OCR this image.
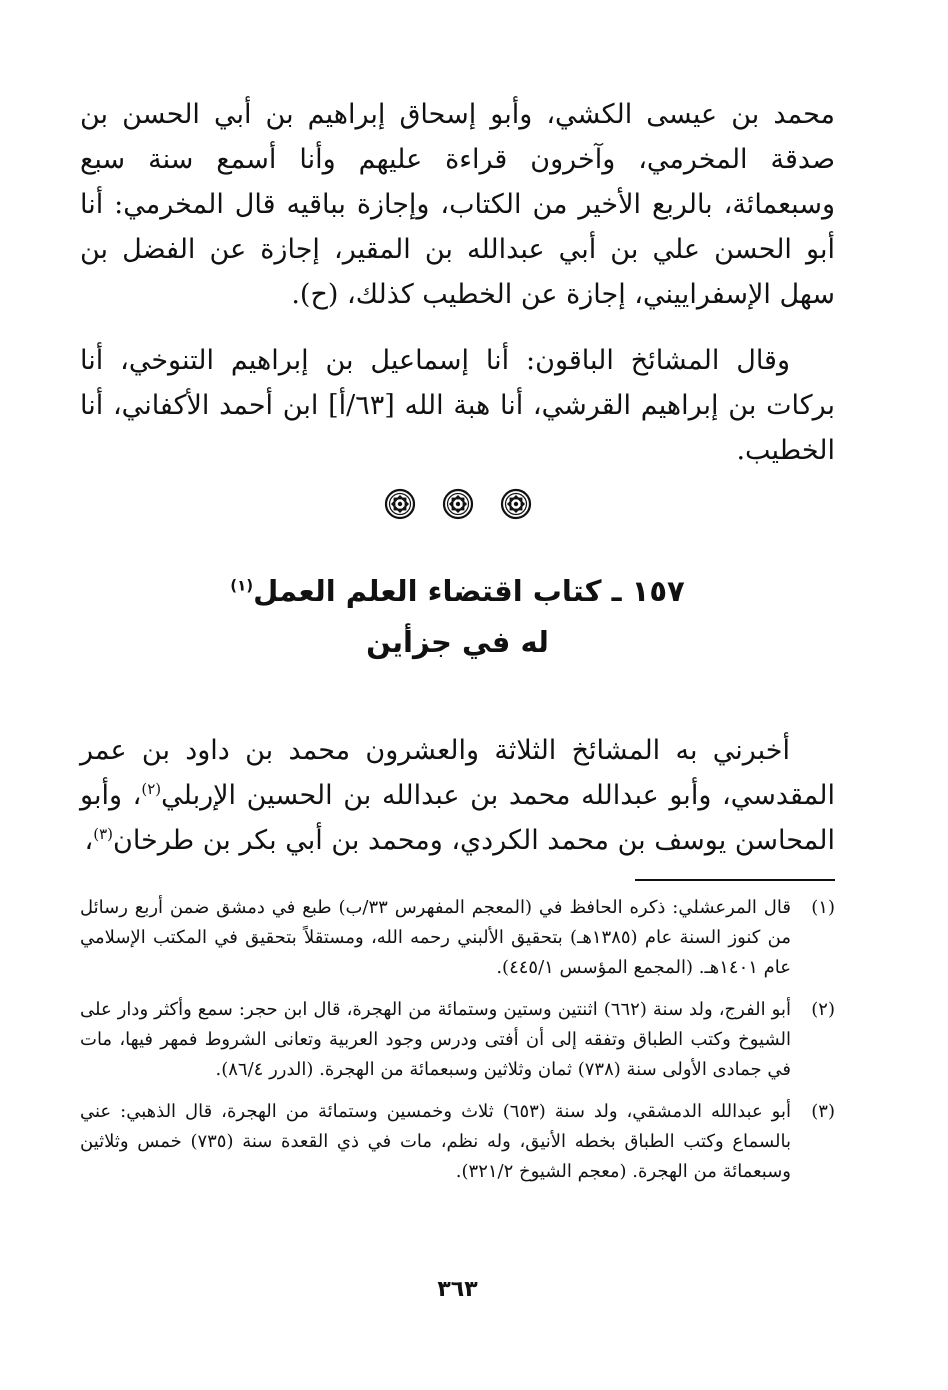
محمد بن عيسى الكشي، وأبو إسحاق إبراهيم بن أبي الحسن بن صدقة المخرمي، وآخرون قراءة عليهم وأنا أسمع سنة سبع وسبعمائة، بالربع الأخير من الكتاب، وإجازة بباقيه قال المخرمي: أنا أبو الحسن علي بن أبي عبدالله بن المقير، إجازة عن الفضل بن سهل الإسفراييني، إجازة عن الخطيب كذلك، (ح).

وقال المشائخ الباقون: أنا إسماعيل بن إبراهيم التنوخي، أنا بركات بن إبراهيم القرشي، أنا هبة الله [٦٣/أ] ابن أحمد الأكفاني، أنا الخطيب.

١٥٧ ـ كتاب اقتضاء العلم العمل$^{(١)}$
له في جزأين

أخبرني به المشائخ الثلاثة والعشرون محمد بن داود بن عمر المقدسي، وأبو عبدالله محمد بن عبدالله بن الحسين الإربلي$^{(٢)}$، وأبو المحاسن يوسف بن محمد الكردي، ومحمد بن أبي بكر بن طرخان$^{(٣)}$،

(١)
قال المرعشلي: ذكره الحافظ في (المعجم المفهرس ٣٣/ب) طبع في دمشق ضمن أربع رسائل من كنوز السنة عام (١٣٨٥هـ) بتحقيق الألبني رحمه الله، ومستقلاً بتحقيق في المكتب الإسلامي عام ١٤٠١هـ. (المجمع المؤسس ٤٤٥/١).
(٢)
أبو الفرج، ولد سنة (٦٦٢) اثنتين وستين وستمائة من الهجرة، قال ابن حجر: سمع وأكثر ودار على الشيوخ وكتب الطباق وتفقه إلى أن أفتى ودرس وجود العربية وتعانى الشروط فمهر فيها، مات في جمادى الأولى سنة (٧٣٨) ثمان وثلاثين وسبعمائة من الهجرة. (الدرر ٨٦/٤).
(٣)
أبو عبدالله الدمشقي، ولد سنة (٦٥٣) ثلاث وخمسين وستمائة من الهجرة، قال الذهبي: عني بالسماع وكتب الطباق بخطه الأنيق، وله نظم، مات في ذي القعدة سنة (٧٣٥) خمس وثلاثين وسبعمائة من الهجرة. (معجم الشيوخ ٣٢١/٢).

٣٦٣
